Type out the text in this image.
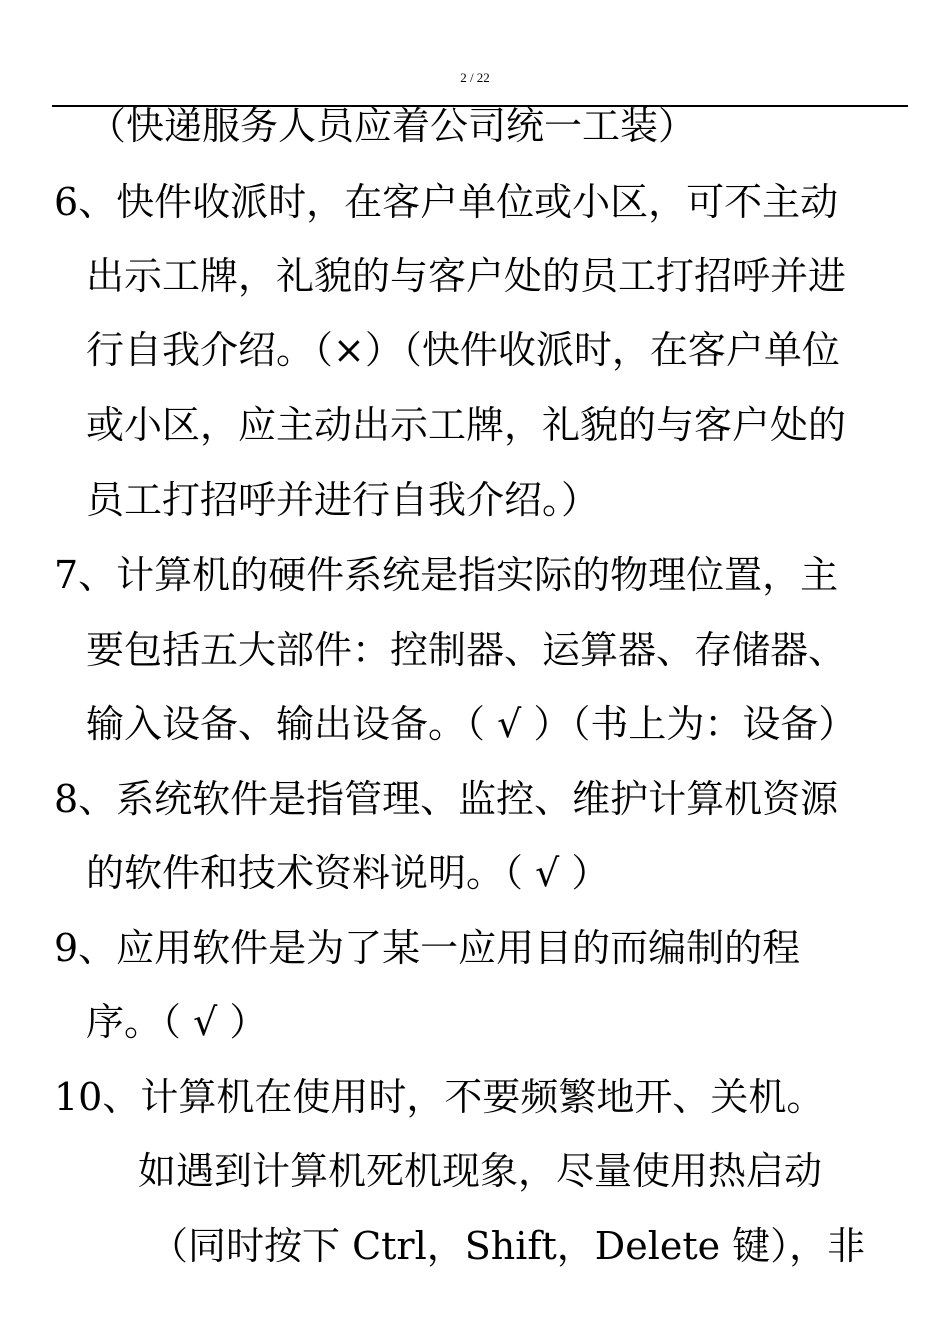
2 / 22
（快递服务人员应着公司统一工装）
6、快件收派时，在客户单位或小区，可不主动
出示工牌，礼貌的与客户处的员工打招呼并进
行自我介绍。（×）（快件收派时，在客户单位
或小区，应主动出示工牌，礼貌的与客户处的
员工打招呼并进行自我介绍。）
7、计算机的硬件系统是指实际的物理位置，主
要包括五大部件：控制器、运算器、存储器、
输入设备、输出设备。（ √ ）（书上为：设备）
8、系统软件是指管理、监控、维护计算机资源
的软件和技术资料说明。（ √ ）
9、应用软件是为了某一应用目的而编制的程
序。（ √ ）
10、计算机在使用时，不要频繁地开、关机。
如遇到计算机死机现象，尽量使用热启动
（同时按下 Ctrl，Shift，Delete 键），非
